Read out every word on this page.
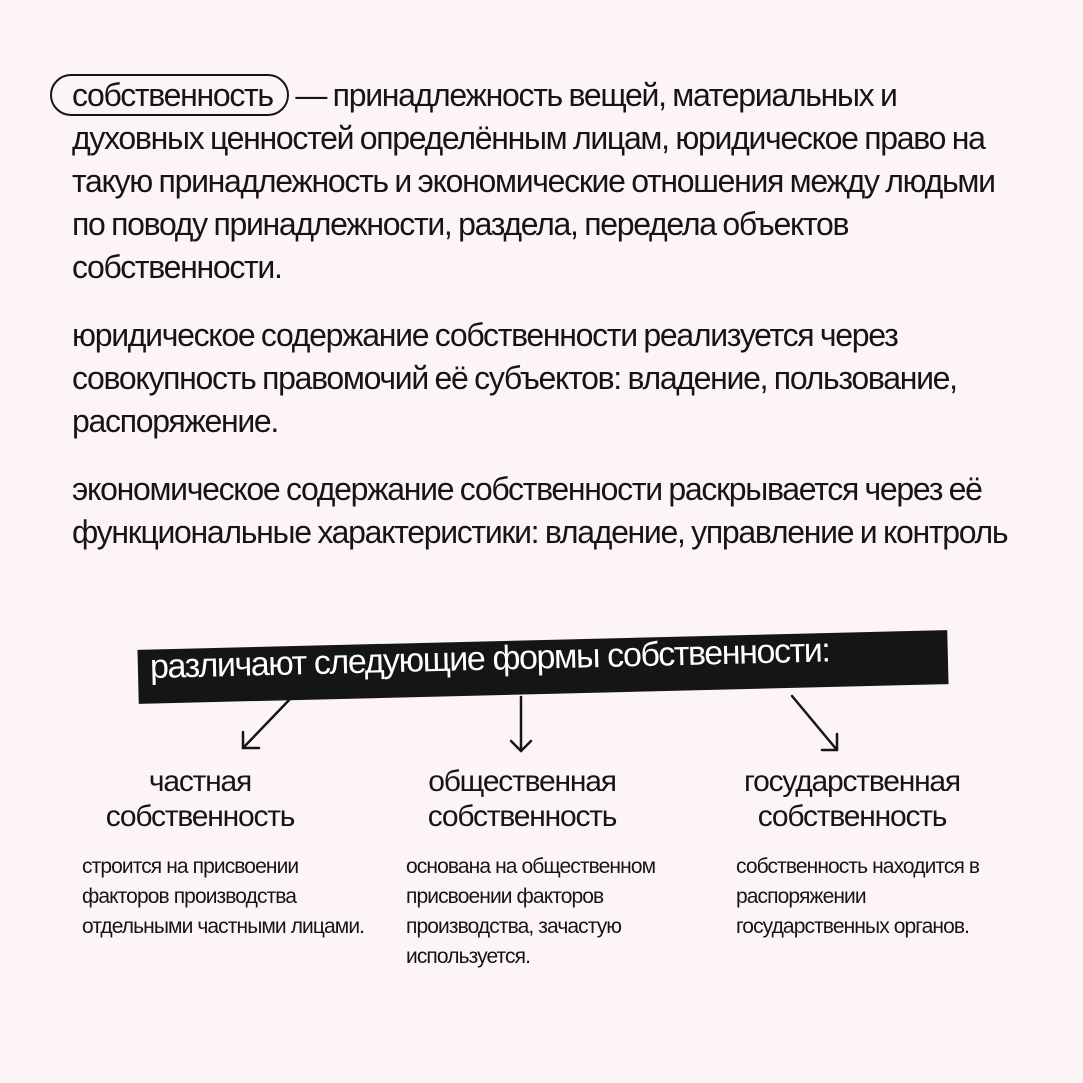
собственность — принадлежность вещей, материальных и духовных ценностей определённым лицам, юридическое право на такую принадлежность и экономические отношения между людьми по поводу принадлежности, раздела, передела объектов собственности.

юридическое содержание собственности реализуется через совокупность правомочий её субъектов: владение, пользование, распоряжение.

экономическое содержание собственности раскрывается через её функциональные характеристики: владение, управление и контроль

различают следующие формы собственности:

частная
собственность

общественная
собственность

государственная
собственность

строится на присвоении факторов производства отдельными частными лицами.

основана на общественном присвоении факторов производства, зачастую используется.

собственность находится в распоряжении государственных органов.
